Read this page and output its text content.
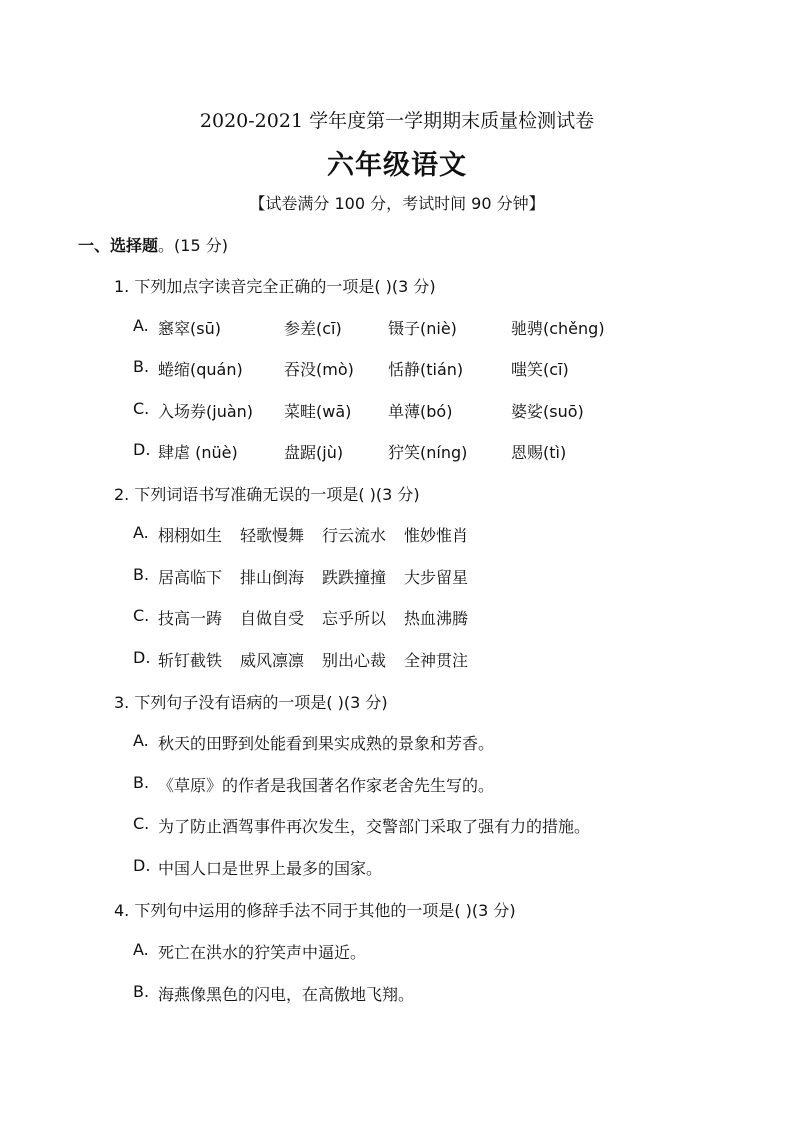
2020-2021 学年度第一学期期末质量检测试卷
六年级语文
【试卷满分 100 分，考试时间 90 分钟】
一、选择题。(15 分)
1. 下列加点字读音完全正确的一项是( )(3 分)
A. 窸窣(sū)	参差(cī)	镊子(niè)	驰骋(chěng)
B. 蜷缩(quán)	吞没(mò) 恬静(tián)	嗤笑(cī)
C. 入场券(juàn) 菜畦(wā) 单薄(bó)	婆娑(suō)
D. 肆虐 (nüè)	盘踞(jù)	狞笑(níng)	恩赐(tì)
2. 下列词语书写准确无误的一项是( )(3 分)
A. 栩栩如生 轻歌慢舞 行云流水 惟妙惟肖
B. 居高临下 排山倒海 跌跌撞撞 大步留星
C. 技高一踌 自做自受 忘乎所以 热血沸腾
D. 斩钉截铁 威风凛凛 别出心裁 全神贯注
3. 下列句子没有语病的一项是( )(3 分)
A. 秋天的田野到处能看到果实成熟的景象和芳香。
B. 《草原》的作者是我国著名作家老舍先生写的。
C. 为了防止酒驾事件再次发生，交警部门采取了强有力的措施。
D. 中国人口是世界上最多的国家。
4. 下列句中运用的修辞手法不同于其他的一项是( )(3 分)
A. 死亡在洪水的狞笑声中逼近。
B. 海燕像黑色的闪电，在高傲地飞翔。
